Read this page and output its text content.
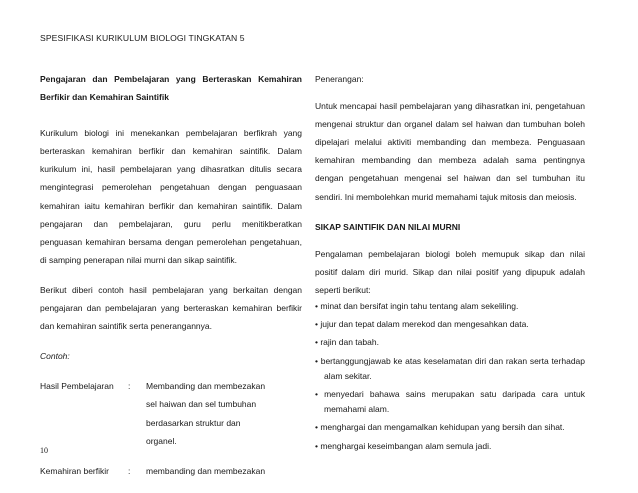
SPESIFIKASI KURIKULUM BIOLOGI TINGKATAN 5

Pengajaran dan Pembelajaran yang Berteraskan Kemahiran Berfikir dan Kemahiran Saintifik

Kurikulum biologi ini menekankan pembelajaran berfikrah yang berteraskan kemahiran berfikir dan kemahiran saintifik. Dalam kurikulum ini, hasil pembelajaran yang dihasratkan ditulis secara mengintegrasi pemerolehan pengetahuan dengan penguasaan kemahiran iaitu kemahiran berfikir dan kemahiran saintifik. Dalam pengajaran dan pembelajaran, guru perlu menitikberatkan penguasan kemahiran bersama dengan pemerolehan pengetahuan, di samping penerapan nilai murni dan sikap saintifik.

Berikut diberi contoh hasil pembelajaran yang berkaitan dengan pengajaran dan pembelajaran yang berteraskan kemahiran berfikir dan kemahiran saintifik serta penerangannya.

Contoh:

Hasil Pembelajaran	:	Membanding dan membezakan
sel haiwan dan sel tumbuhan
berdasarkan struktur dan
organel.
Kemahiran berfikir	:	membanding dan membezakan

Penerangan:

Untuk mencapai hasil pembelajaran yang dihasratkan ini, pengetahuan mengenai struktur dan organel dalam sel haiwan dan tumbuhan boleh dipelajari melalui aktiviti membanding dan membeza. Penguasaan kemahiran membanding dan membeza adalah sama pentingnya dengan pengetahuan mengenai sel haiwan dan sel tumbuhan itu sendiri. Ini membolehkan murid memahami tajuk mitosis dan meiosis.

SIKAP SAINTIFIK DAN NILAI MURNI

Pengalaman pembelajaran biologi boleh memupuk sikap dan nilai positif dalam diri murid. Sikap dan nilai positif yang dipupuk adalah seperti berikut:

• minat dan bersifat ingin tahu tentang alam sekeliling.
• jujur dan tepat dalam merekod dan mengesahkan data.
• rajin dan tabah.
• bertanggungjawab ke atas keselamatan diri dan rakan serta terhadap alam sekitar.
• menyedari bahawa sains merupakan satu daripada cara untuk memahami alam.
• menghargai dan mengamalkan kehidupan yang bersih dan sihat.
• menghargai keseimbangan alam semula jadi.
10
